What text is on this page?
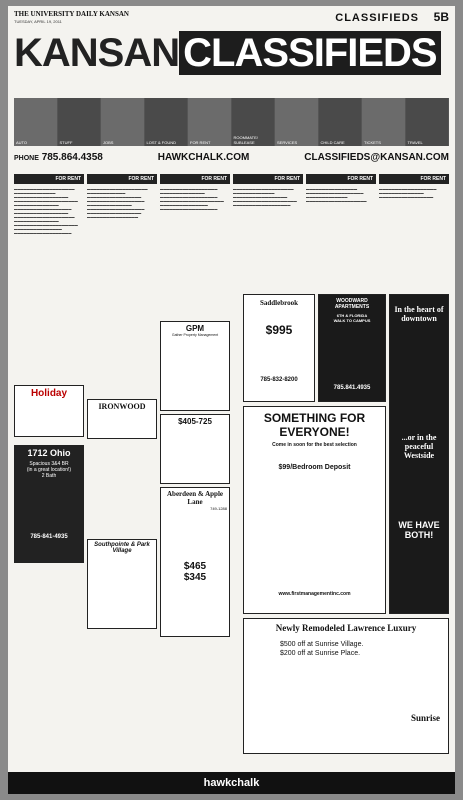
THE UNIVERSITY DAILY KANSAN
TUESDAY, APRIL 19, 2011	CLASSIFIEDS 5B
KANSAN CLASSIFIEDS
AUTO	STUFF	JOBS	LOST & FOUND	FOR RENT
ROOMMATE/ SUBLEASE	SERVICES	CHILD CARE	TICKETS	TRAVEL
PHONE 785.864.4358	HAWKCHALK.COM	CLASSIFIEDS@KANSAN.COM
FOR RENT
▬▬▬▬▬▬▬▬▬▬▬▬▬▬▬▬▬▬▬ ▬▬▬▬▬▬▬▬▬▬▬▬▬ ▬▬▬▬▬▬▬▬▬▬▬▬▬▬▬▬▬ ▬▬▬▬▬▬▬▬▬▬▬▬▬▬▬▬▬▬▬▬ ▬▬▬▬▬▬▬▬▬▬▬▬▬▬ ▬▬▬▬▬▬▬▬▬▬▬▬▬▬▬▬▬▬ ▬▬▬▬▬▬▬▬▬▬▬▬▬▬▬▬▬ ▬▬▬▬▬▬▬▬▬▬▬▬▬▬▬▬▬▬▬ ▬▬▬▬▬▬▬▬▬▬▬▬▬▬ ▬▬▬▬▬▬▬▬▬▬▬▬▬▬▬▬▬▬▬▬ ▬▬▬▬▬▬▬▬▬▬▬▬▬▬▬ ▬▬▬▬▬▬▬▬▬▬▬▬▬▬▬▬▬▬
Holiday
1712 Ohio
Spacious 3&4 BR
(in a great location!)
2 Bath
785-841-4935
FOR RENT
▬▬▬▬▬▬▬▬▬▬▬▬▬▬▬▬▬▬▬ ▬▬▬▬▬▬▬▬▬▬▬▬ ▬▬▬▬▬▬▬▬▬▬▬▬▬▬▬▬▬ ▬▬▬▬▬▬▬▬▬▬▬▬▬▬▬▬▬▬ ▬▬▬▬▬▬▬▬▬▬▬▬▬▬ ▬▬▬▬▬▬▬▬▬▬▬▬▬▬▬▬▬▬ ▬▬▬▬▬▬▬▬▬▬▬▬▬▬▬▬▬ ▬▬▬▬▬▬▬▬▬▬▬▬▬▬▬▬
IRONWOOD
Southpointe & Park Village
FOR RENT
▬▬▬▬▬▬▬▬▬▬▬▬▬▬▬▬▬▬ ▬▬▬▬▬▬▬▬▬▬▬▬▬▬ ▬▬▬▬▬▬▬▬▬▬▬▬▬▬▬▬▬▬ ▬▬▬▬▬▬▬▬▬▬▬▬▬▬▬▬▬▬▬▬ ▬▬▬▬▬▬▬▬▬▬▬▬▬▬▬ ▬▬▬▬▬▬▬▬▬▬▬▬▬▬▬▬▬▬
GPM
Gather Property Management
$405-725
Aberdeen & Apple Lane
749-1288
$465
$345
FOR RENT
▬▬▬▬▬▬▬▬▬▬▬▬▬▬▬▬▬▬▬ ▬▬▬▬▬▬▬▬▬▬▬▬▬ ▬▬▬▬▬▬▬▬▬▬▬▬▬▬▬▬▬ ▬▬▬▬▬▬▬▬▬▬▬▬▬▬▬▬▬▬▬▬ ▬▬▬▬▬▬▬▬▬▬▬▬▬▬▬▬▬▬
FOR RENT
▬▬▬▬▬▬▬▬▬▬▬▬▬▬▬▬ ▬▬▬▬▬▬▬▬▬▬▬▬▬▬▬▬▬▬ ▬▬▬▬▬▬▬▬▬▬▬▬▬ ▬▬▬▬▬▬▬▬▬▬▬▬▬▬▬▬▬▬▬
FOR RENT
▬▬▬▬▬▬▬▬▬▬▬▬▬▬▬▬▬▬ ▬▬▬▬▬▬▬▬▬▬▬▬▬▬ ▬▬▬▬▬▬▬▬▬▬▬▬▬▬▬▬▬
Saddlebrook
$995
785-832-8200
WOODWARD APARTMENTS
6TH & FLORIDA
WALK TO CAMPUS
785.841.4935
In the heart of downtown
...or in the peaceful Westside
WE HAVE BOTH!
SOMETHING FOR EVERYONE!
Come in soon for the best selection
$99/Bedroom Deposit
www.firstmanagementinc.com
Newly Remodeled Lawrence Luxury
$500 off at Sunrise Village.
$200 off at Sunrise Place.
Sunrise
hawkchalk
